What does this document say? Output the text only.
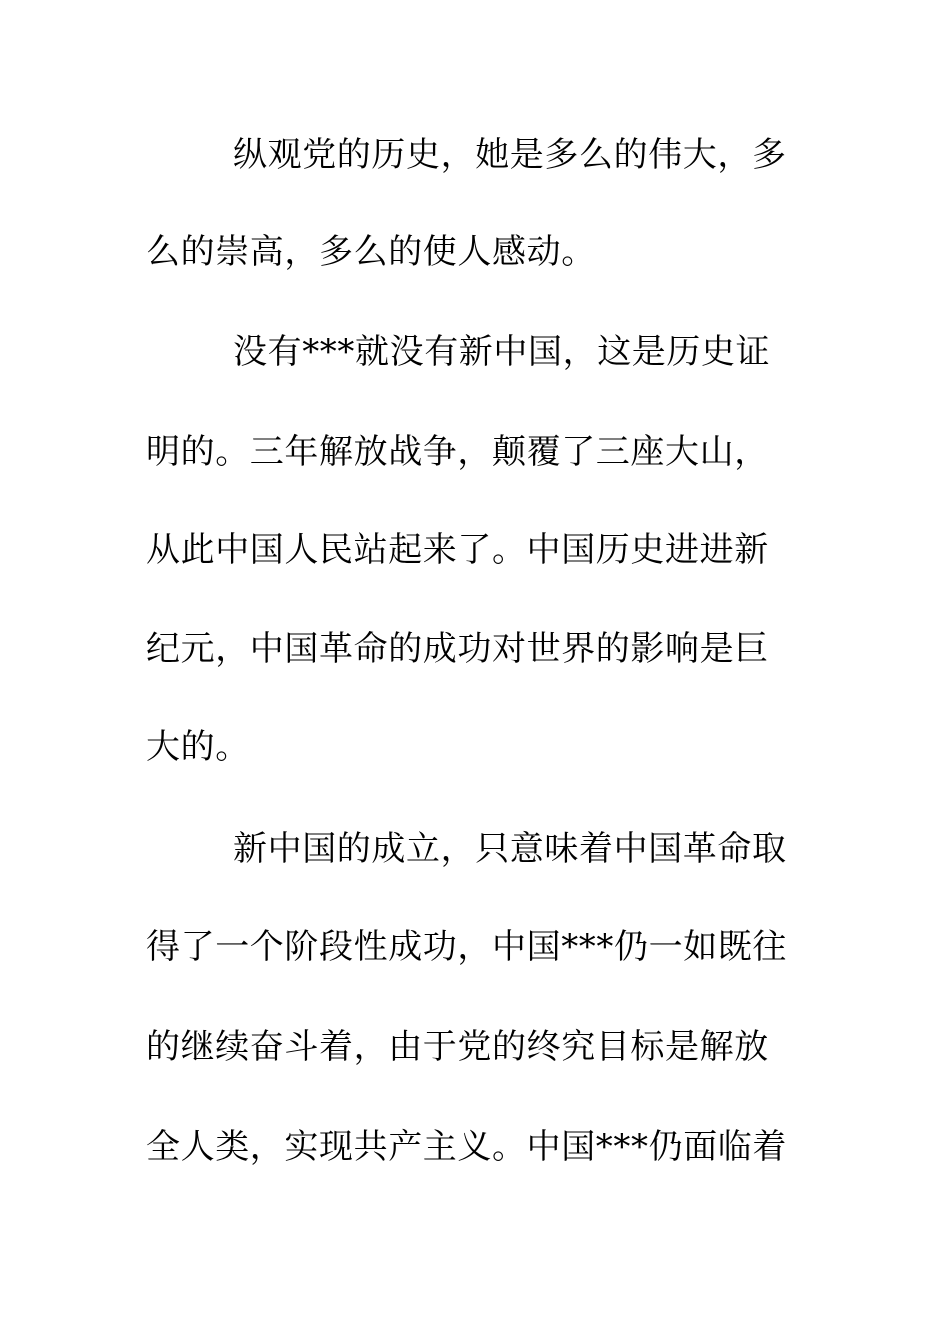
纵观党的历史，她是多么的伟大，多

么的崇高，多么的使人感动。

没有***就没有新中国，这是历史证

明的。三年解放战争，颠覆了三座大山，

从此中国人民站起来了。中国历史进进新

纪元，中国革命的成功对世界的影响是巨

大的。

新中国的成立，只意味着中国革命取

得了一个阶段性成功，中国***仍一如既往

的继续奋斗着，由于党的终究目标是解放

全人类，实现共产主义。中国***仍面临着
